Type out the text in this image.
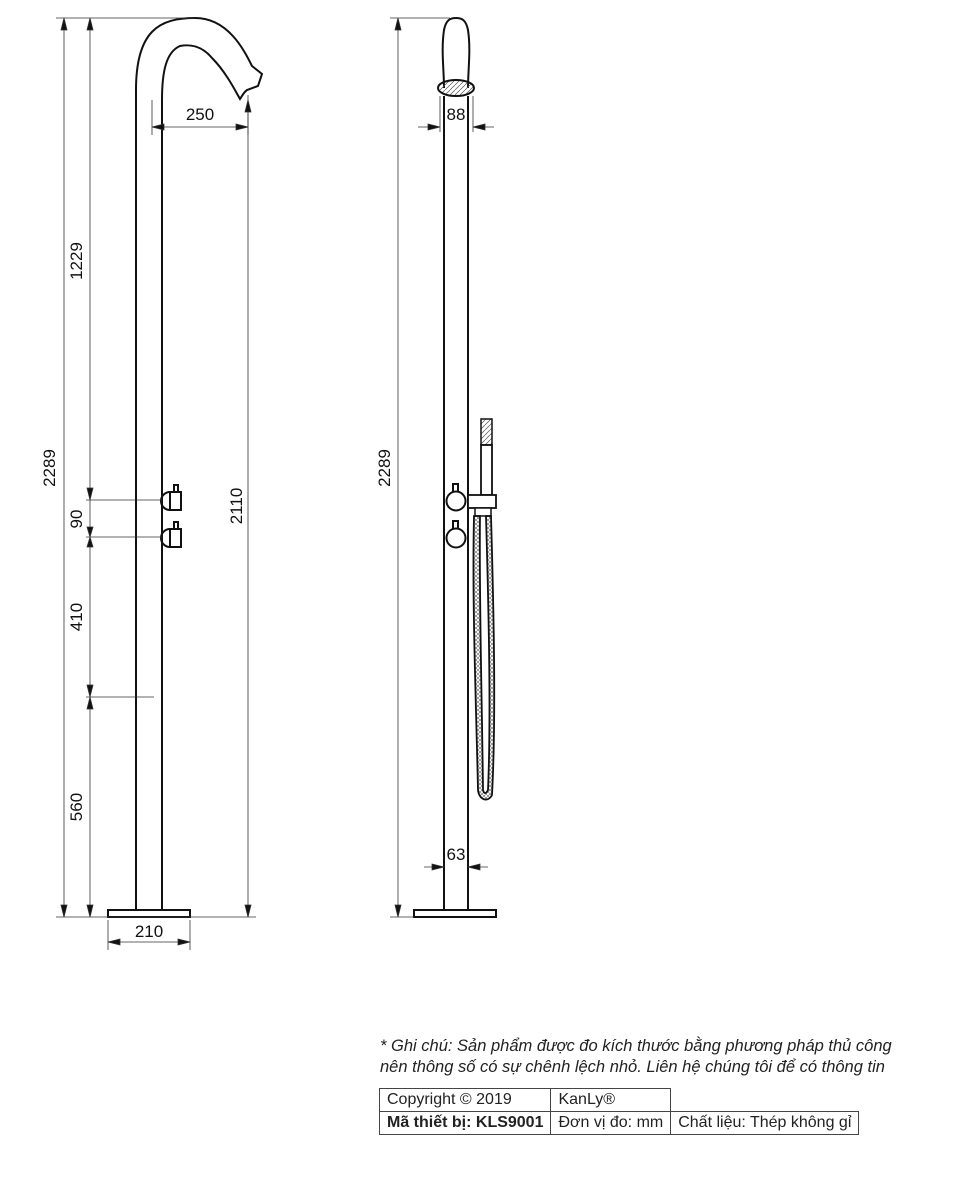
2289
1229
90
410
560
2110
250
210
2289
88
63
* Ghi chú: Sản phẩm được đo kích thước bằng phương pháp thủ công
nên thông số có sự chênh lệch nhỏ. Liên hệ chúng tôi để có thông tin
Copyright © 2019	KanLy®	
Mã thiết bị: KLS9001	Đơn vị đo: mm	Chất liệu: Thép không gỉ
